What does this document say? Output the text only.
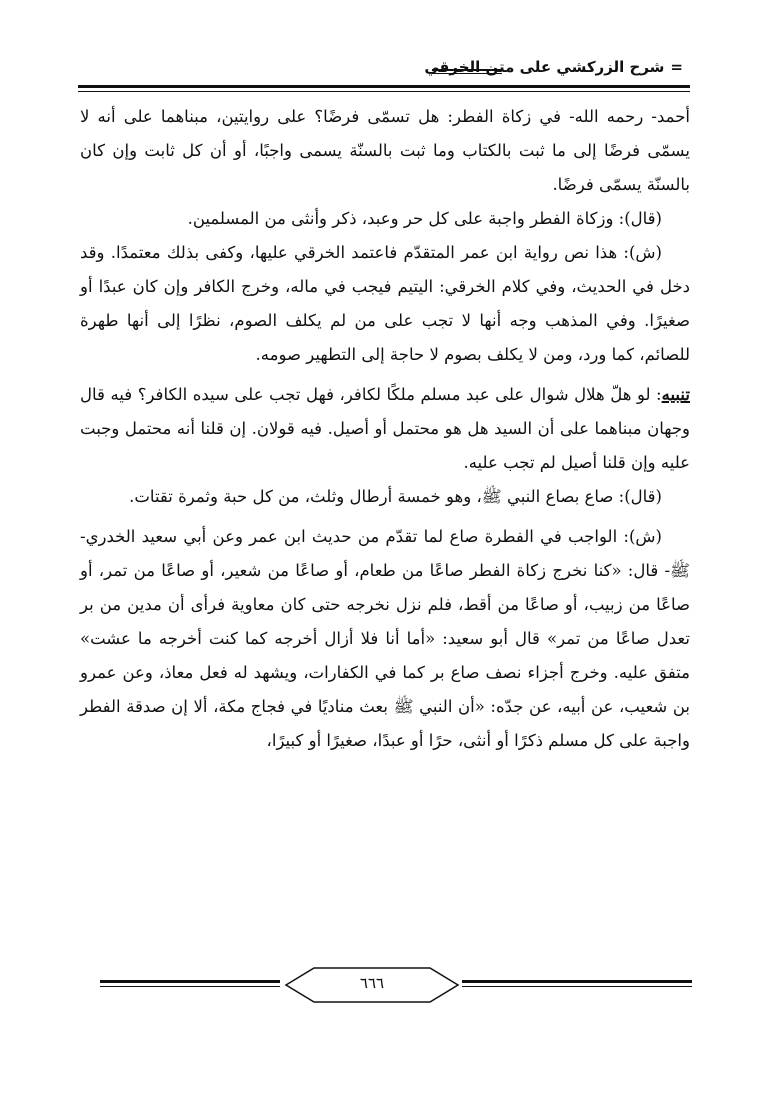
=شرح الزركشي على متن الخرقي

أحمد- رحمه الله- في زكاة الفطر: هل تسمّى فرضًا؟ على روايتين، مبناهما على أنه لا يسمّى فرضًا إلى ما ثبت بالكتاب وما ثبت بالسنّة يسمى واجبًا، أو أن كل ثابت وإن كان بالسنّة يسمّى فرضًا.

(قال): وزكاة الفطر واجبة على كل حر وعبد، ذكر وأنثى من المسلمين.

(ش): هذا نص رواية ابن عمر المتقدّم فاعتمد الخرقي عليها، وكفى بذلك معتمدًا. وقد دخل في الحديث، وفي كلام الخرقي: اليتيم فيجب في ماله، وخرج الكافر وإن كان عبدًا أو صغيرًا. وفي المذهب وجه أنها لا تجب على من لم يكلف الصوم، نظرًا إلى أنها طهرة للصائم، كما ورد، ومن لا يكلف بصوم لا حاجة إلى التطهير صومه.

تنبيه: لو هلّ هلال شوال على عبد مسلم ملكًا لكافر، فهل تجب على سيده الكافر؟ فيه قال وجهان مبناهما على أن السيد هل هو محتمل أو أصيل. فيه قولان. إن قلنا أنه محتمل وجبت عليه وإن قلنا أصيل لم تجب عليه.

(قال): صاع بصاع النبي ﷺ، وهو خمسة أرطال وثلث، من كل حبة وثمرة تقتات.

(ش): الواجب في الفطرة صاع لما تقدّم من حديث ابن عمر وعن أبي سعيد الخدري- ﷺ- قال: «كنا نخرج زكاة الفطر صاعًا من طعام، أو صاعًا من شعير، أو صاعًا من تمر، أو صاعًا من زبيب، أو صاعًا من أقط، فلم نزل نخرجه حتى كان معاوية فرأى أن مدين من بر تعدل صاعًا من تمر» قال أبو سعيد: «أما أنا فلا أزال أخرجه كما كنت أخرجه ما عشت» متفق عليه. وخرج أجزاء نصف صاع بر كما في الكفارات، ويشهد له فعل معاذ، وعن عمرو بن شعيب، عن أبيه، عن جدّه: «أن النبي ﷺ بعث مناديًا في فجاج مكة، ألا إن صدقة الفطر واجبة على كل مسلم ذكرًا أو أنثى، حرًا أو عبدًا، صغيرًا أو كبيرًا،

٦٦٦
